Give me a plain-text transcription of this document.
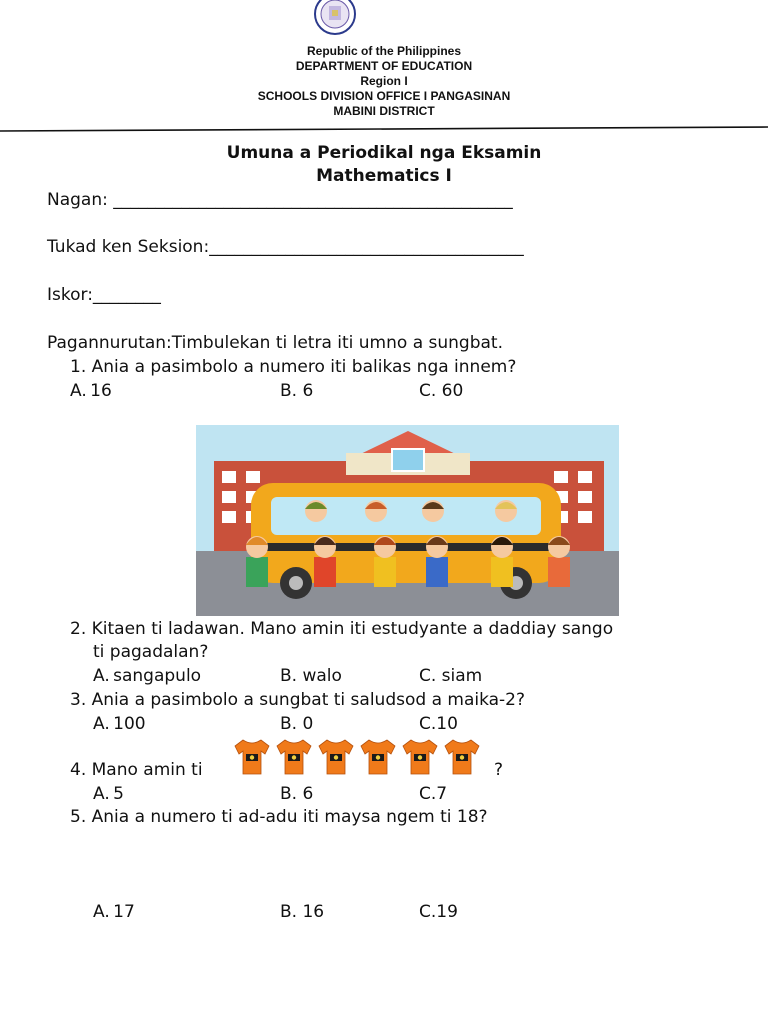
Republic of the Philippines
DEPARTMENT OF EDUCATION
Region I
SCHOOLS DIVISION OFFICE I PANGASINAN
MABINI DISTRICT
Umuna a Periodikal nga Eksamin
Mathematics I
Nagan: _______________________________________________
Tukad ken Seksion:_____________________________________
Iskor:________
Pagannurutan:Timbulekan ti letra iti umno a sungbat.
1. Ania a pasimbolo a numero iti balikas nga innem?
A. 16	B. 6	C. 60
2. Kitaen ti ladawan. Mano amin iti estudyante a daddiay sango
ti pagadalan?
A. sangapulo	B. walo	C. siam
3. Ania a pasimbolo a sungbat ti saludsod a maika-2?
A. 100	B. 0	C.10
4. Mano amin ti	?
A. 5	B. 6	C.7
5. Ania a numero ti ad-adu iti maysa ngem ti 18?
A. 17	B. 16	C.19
